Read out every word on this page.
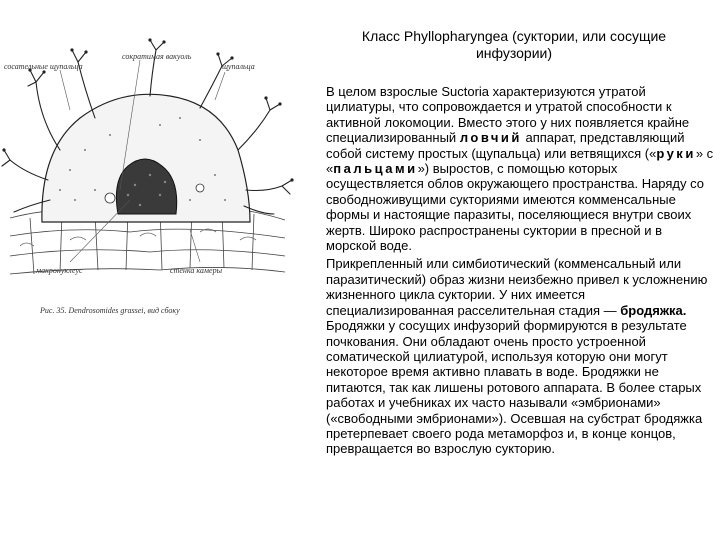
сосательные щупальца
сократимая вакуоль
щупальца
макронуклеус	стенка камеры
Рис. 35. Dendrosomides grassei, вид сбоку
Класс Phyllopharyngea (суктории, или сосущие
инфузории)

В целом взрослые Suctoria характеризуются утратой цилиатуры, что сопровождается и утратой способности к активной локомоции. Вместо этого у них появляется крайне специализированный ловчий аппарат, представляющий собой систему простых (щупальца) или ветвящихся («руки» с «пальцами») выростов, с помощью которых осуществляется облов окружающего пространства. Наряду со свободноживущими сукториями имеются комменсальные формы и настоящие паразиты, поселяющиеся внутри своих жертв. Широко распространены суктории в пресной и в морской воде.

Прикрепленный или симбиотический (комменсальный или паразитический) образ жизни неизбежно привел к усложнению жизненного цикла суктории. У них имеется специализированная расселительная стадия — бродяжка. Бродяжки у сосущих инфузорий формируются в результате почкования. Они обладают очень просто устроенной соматической цилиатурой, используя которую они могут некоторое время активно плавать в воде. Бродяжки не питаются, так как лишены ротового аппарата. В более старых работах и учебниках их часто называли «эмбрионами» («свободными эмбрионами»). Осевшая на субстрат бродяжка претерпевает своего рода метаморфоз и, в конце концов, превращается во взрослую сукторию.
